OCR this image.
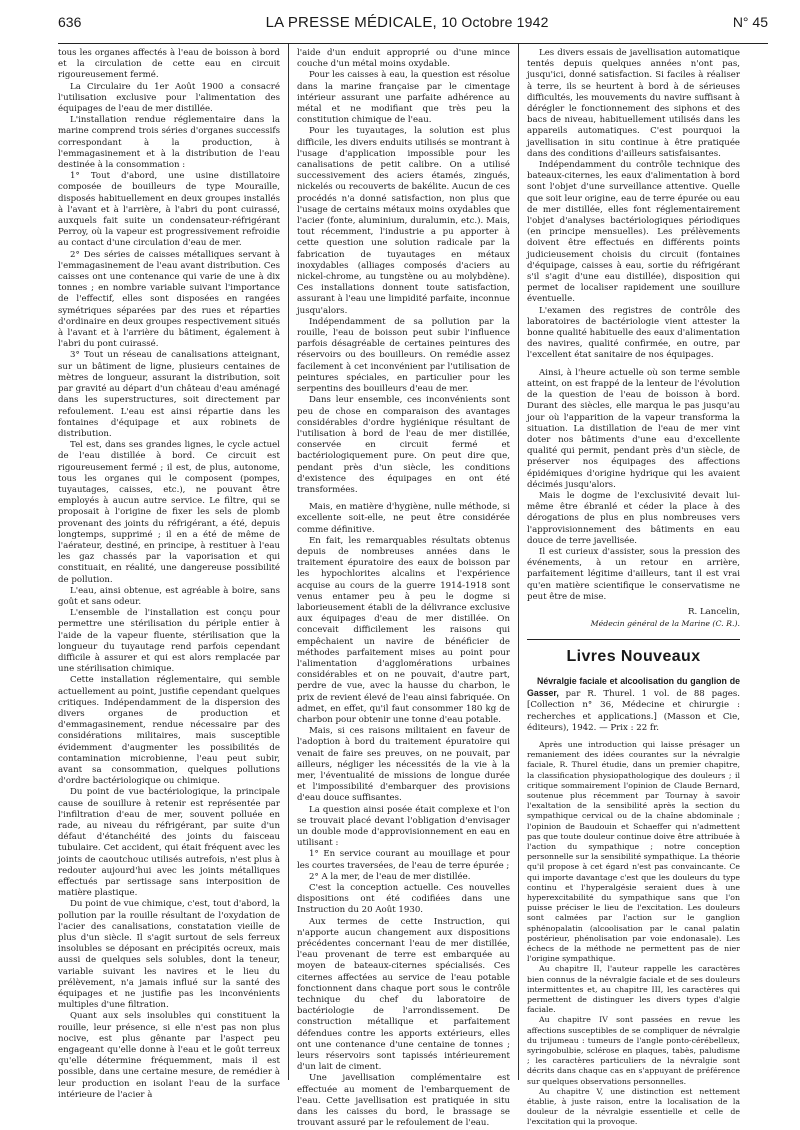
636	LA PRESSE MÉDICALE, 10 Octobre 1942	N° 45

tous les organes affectés à l'eau de boisson à bord et la circulation de cette eau en circuit rigoureusement fermé.

La Circulaire du 1er Août 1900 a consacré l'utilisation exclusive pour l'alimentation des équipages de l'eau de mer distillée.

L'installation rendue réglementaire dans la marine comprend trois séries d'organes successifs correspondant à la production, à l'emmagasinement et à la distribution de l'eau destinée à la consommation :

1° Tout d'abord, une usine distillatoire composée de bouilleurs de type Mouraille, disposés habituellement en deux groupes installés à l'avant et à l'arrière, à l'abri du pont cuirassé, auxquels fait suite un condensateur-réfrigérant Perroy, où la vapeur est progressivement refroidie au contact d'une circulation d'eau de mer.

2° Des séries de caisses métalliques servant à l'emmagasinement de l'eau avant distribution. Ces caisses ont une contenance qui varie de une à dix tonnes ; en nombre variable suivant l'importance de l'effectif, elles sont disposées en rangées symétriques séparées par des rues et réparties d'ordinaire en deux groupes respectivement situés à l'avant et à l'arrière du bâtiment, également à l'abri du pont cuirassé.

3° Tout un réseau de canalisations atteignant, sur un bâtiment de ligne, plusieurs centaines de mètres de longueur, assurant la distribution, soit par gravité au départ d'un château d'eau aménagé dans les superstructures, soit directement par refoulement. L'eau est ainsi répartie dans les fontaines d'équipage et aux robinets de distribution.

Tel est, dans ses grandes lignes, le cycle actuel de l'eau distillée à bord. Ce circuit est rigoureusement fermé ; il est, de plus, autonome, tous les organes qui le composent (pompes, tuyautages, caisses, etc.), ne pouvant être employés à aucun autre service. Le filtre, qui se proposait à l'origine de fixer les sels de plomb provenant des joints du réfrigérant, a été, depuis longtemps, supprimé ; il en a été de même de l'aérateur, destiné, en principe, à restituer à l'eau les gaz chassés par la vaporisation et qui constituait, en réalité, une dangereuse possibilité de pollution.

L'eau, ainsi obtenue, est agréable à boire, sans goût et sans odeur.

L'ensemble de l'installation est conçu pour permettre une stérilisation du périple entier à l'aide de la vapeur fluente, stérilisation que la longueur du tuyautage rend parfois cependant difficile à assurer et qui est alors remplacée par une stérilisation chimique.

Cette installation réglementaire, qui semble actuellement au point, justifie cependant quelques critiques. Indépendamment de la dispersion des divers organes de production et d'emmagasinement, rendue nécessaire par des considérations militaires, mais susceptible évidemment d'augmenter les possibilités de contamination microbienne, l'eau peut subir, avant sa consommation, quelques pollutions d'ordre bactériologique ou chimique.

Du point de vue bactériologique, la principale cause de souillure à retenir est représentée par l'infiltration d'eau de mer, souvent polluée en rade, au niveau du réfrigérant, par suite d'un défaut d'étanchéité des joints du faisceau tubulaire. Cet accident, qui était fréquent avec les joints de caoutchouc utilisés autrefois, n'est plus à redouter aujourd'hui avec les joints métalliques effectués par sertissage sans interposition de matière plastique.

Du point de vue chimique, c'est, tout d'abord, la pollution par la rouille résultant de l'oxydation de l'acier des canalisations, constatation vieille de plus d'un siècle. Il s'agit surtout de sels ferreux insolubles se déposant en précipités ocreux, mais aussi de quelques sels solubles, dont la teneur, variable suivant les navires et le lieu du prélèvement, n'a jamais influé sur la santé des équipages et ne justifie pas les inconvénients multiples d'une filtration.

Quant aux sels insolubles qui constituent la rouille, leur présence, si elle n'est pas non plus nocive, est plus gênante par l'aspect peu engageant qu'elle donne à l'eau et le goût terreux qu'elle détermine fréquemment, mais il est possible, dans une certaine mesure, de remédier à leur production en isolant l'eau de la surface intérieure de l'acier à

l'aide d'un enduit approprié ou d'une mince couche d'un métal moins oxydable.

Pour les caisses à eau, la question est résolue dans la marine française par le cimentage intérieur assurant une parfaite adhérence au métal et ne modifiant que très peu la constitution chimique de l'eau.

Pour les tuyautages, la solution est plus difficile, les divers enduits utilisés se montrant à l'usage d'application impossible pour les canalisations de petit calibre. On a utilisé successivement des aciers étamés, zingués, nickelés ou recouverts de bakélite. Aucun de ces procédés n'a donné satisfaction, non plus que l'usage de certains métaux moins oxydables que l'acier (fonte, aluminium, duralumin, etc.). Mais, tout récemment, l'industrie a pu apporter à cette question une solution radicale par la fabrication de tuyautages en métaux inoxydables (alliages composés d'aciers au nickel-chrome, au tungstène ou au molybdène). Ces installations donnent toute satisfaction, assurant à l'eau une limpidité parfaite, inconnue jusqu'alors.

Indépendamment de sa pollution par la rouille, l'eau de boisson peut subir l'influence parfois désagréable de certaines peintures des réservoirs ou des bouilleurs. On remédie assez facilement à cet inconvénient par l'utilisation de peintures spéciales, en particulier pour les serpentins des bouilleurs d'eau de mer.

Dans leur ensemble, ces inconvénients sont peu de chose en comparaison des avantages considérables d'ordre hygiénique résultant de l'utilisation à bord de l'eau de mer distillée, conservée en circuit fermé et bactériologiquement pure. On peut dire que, pendant près d'un siècle, les conditions d'existence des équipages en ont été transformées.

Mais, en matière d'hygiène, nulle méthode, si excellente soit-elle, ne peut être considérée comme définitive.

En fait, les remarquables résultats obtenus depuis de nombreuses années dans le traitement épuratoire des eaux de boisson par les hypochlorites alcalins et l'expérience acquise au cours de la guerre 1914-1918 sont venus entamer peu à peu le dogme si laborieusement établi de la délivrance exclusive aux équipages d'eau de mer distillée. On concevait difficilement les raisons qui empêchaient un navire de bénéficier de méthodes parfaitement mises au point pour l'alimentation d'agglomérations urbaines considérables et on ne pouvait, d'autre part, perdre de vue, avec la hausse du charbon, le prix de revient élevé de l'eau ainsi fabriquée. On admet, en effet, qu'il faut consommer 180 kg de charbon pour obtenir une tonne d'eau potable.

Mais, si ces raisons militaient en faveur de l'adoption à bord du traitement épuratoire qui venait de faire ses preuves, on ne pouvait, par ailleurs, négliger les nécessités de la vie à la mer, l'éventualité de missions de longue durée et l'impossibilité d'embarquer des provisions d'eau douce suffisantes.

La question ainsi posée était complexe et l'on se trouvait placé devant l'obligation d'envisager un double mode d'approvisionnement en eau en utilisant :

1° En service courant au mouillage et pour les courtes traversées, de l'eau de terre épurée ;

2° A la mer, de l'eau de mer distillée.

C'est la conception actuelle. Ces nouvelles dispositions ont été codifiées dans une Instruction du 20 Août 1930.

Aux termes de cette Instruction, qui n'apporte aucun changement aux dispositions précédentes concernant l'eau de mer distillée, l'eau provenant de terre est embarquée au moyen de bateaux-citernes spécialisés. Ces citernes affectées au service de l'eau potable fonctionnent dans chaque port sous le contrôle technique du chef du laboratoire de bactériologie de l'arrondissement. De construction métallique et parfaitement défendues contre les apports extérieurs, elles ont une contenance d'une centaine de tonnes ; leurs réservoirs sont tapissés intérieurement d'un lait de ciment.

Une javellisation complémentaire est effectuée au moment de l'embarquement de l'eau. Cette javellisation est pratiquée in situ dans les caisses du bord, le brassage se trouvant assuré par le refoulement de l'eau.

Les divers essais de javellisation automatique tentés depuis quelques années n'ont pas, jusqu'ici, donné satisfaction. Si faciles à réaliser à terre, ils se heurtent à bord à de sérieuses difficultés, les mouvements du navire suffisant à dérégler le fonctionnement des siphons et des bacs de niveau, habituellement utilisés dans les appareils automatiques. C'est pourquoi la javellisation in situ continue à être pratiquée dans des conditions d'ailleurs satisfaisantes.

Indépendamment du contrôle technique des bateaux-citernes, les eaux d'alimentation à bord sont l'objet d'une surveillance attentive. Quelle que soit leur origine, eau de terre épurée ou eau de mer distillée, elles font réglementairement l'objet d'analyses bactériologiques périodiques (en principe mensuelles). Les prélèvements doivent être effectués en différents points judicieusement choisis du circuit (fontaines d'équipage, caisses à eau, sortie du réfrigérant s'il s'agit d'une eau distillée), disposition qui permet de localiser rapidement une souillure éventuelle.

L'examen des registres de contrôle des laboratoires de bactériologie vient attester la bonne qualité habituelle des eaux d'alimentation des navires, qualité confirmée, en outre, par l'excellent état sanitaire de nos équipages.

Ainsi, à l'heure actuelle où son terme semble atteint, on est frappé de la lenteur de l'évolution de la question de l'eau de boisson à bord. Durant des siècles, elle marqua le pas jusqu'au jour où l'apparition de la vapeur transforma la situation. La distillation de l'eau de mer vint doter nos bâtiments d'une eau d'excellente qualité qui permit, pendant près d'un siècle, de préserver nos équipages des affections épidémiques d'origine hydrique qui les avaient décimés jusqu'alors.

Mais le dogme de l'exclusivité devait lui-même être ébranlé et céder la place à des dérogations de plus en plus nombreuses vers l'approvisionnement des bâtiments en eau douce de terre javellisée.

Il est curieux d'assister, sous la pression des événements, à un retour en arrière, parfaitement légitime d'ailleurs, tant il est vrai qu'en matière scientifique le conservatisme ne peut être de mise.

R. Lancelin,
Médecin général de la Marine (C. R.).
Livres Nouveaux
Névralgie faciale et alcoolisation du ganglion de Gasser, par R. Thurel. 1 vol. de 88 pages. [Collection n° 36, Médecine et chirurgie : recherches et applications.] (Masson et Cie, éditeurs), 1942. — Prix : 22 fr.

Après une introduction qui laisse présager un remaniement des idées courantes sur la névralgie faciale, R. Thurel étudie, dans un premier chapitre, la classification physiopathologique des douleurs ; il critique sommairement l'opinion de Claude Bernard, soutenue plus récemment par Tournay à savoir l'exaltation de la sensibilité après la section du sympathique cervical ou de la chaîne abdominale ; l'opinion de Baudouin et Schaeffer qui n'admettent pas que toute douleur continue doive être attribuée à l'action du sympathique ; notre conception personnelle sur la sensibilité sympathique. La théorie qu'il propose à cet égard n'est pas convaincante. Ce qui importe davantage c'est que les douleurs du type continu et l'hyperalgésie seraient dues à une hyperexcitabilité du sympathique sans que l'on puisse préciser le lieu de l'excitation. Les douleurs sont calmées par l'action sur le ganglion sphénopalatin (alcoolisation par le canal palatin postérieur, phénolisation par voie endonasale). Les échecs de la méthode ne permettent pas de nier l'origine sympathique.

Au chapitre II, l'auteur rappelle les caractères bien connus de la névralgie faciale et de ses douleurs intermittentes et, au chapitre III, les caractères qui permettent de distinguer les divers types d'algie faciale.

Au chapitre IV sont passées en revue les affections susceptibles de se compliquer de névralgie du trijumeau : tumeurs de l'angle ponto-cérébelleux, syringobulbie, sclérose en plaques, tabès, paludisme ; les caractères particuliers de la névralgie sont décrits dans chaque cas en s'appuyant de préférence sur quelques observations personnelles.

Au chapitre V, une distinction est nettement établie, à juste raison, entre la localisation de la douleur de la névralgie essentielle et celle de l'excitation qui la provoque.
